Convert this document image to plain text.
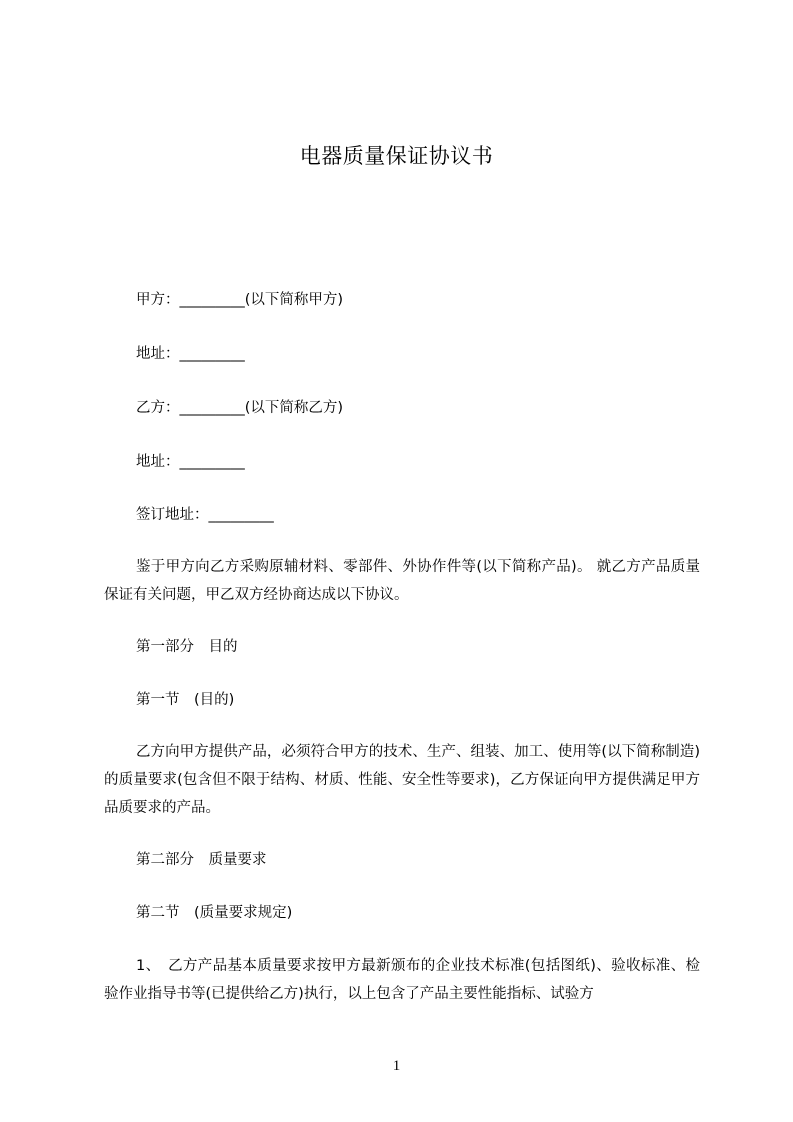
电器质量保证协议书
甲方：_________(以下简称甲方)
地址：_________
乙方：_________(以下简称乙方)
地址：_________
签订地址：_________
鉴于甲方向乙方采购原辅材料、零部件、外协作件等(以下简称产品)。 就乙方产品质量保证有关问题，甲乙双方经协商达成以下协议。
第一部分　目的
第一节　(目的)
乙方向甲方提供产品，必须符合甲方的技术、生产、组装、加工、使用等(以下简称制造)的质量要求(包含但不限于结构、材质、性能、安全性等要求)，乙方保证向甲方提供满足甲方品质要求的产品。
第二部分　质量要求
第二节　(质量要求规定)
1、　乙方产品基本质量要求按甲方最新颁布的企业技术标准(包括图纸)、验收标准、检验作业指导书等(已提供给乙方)执行，以上包含了产品主要性能指标、试验方
1
